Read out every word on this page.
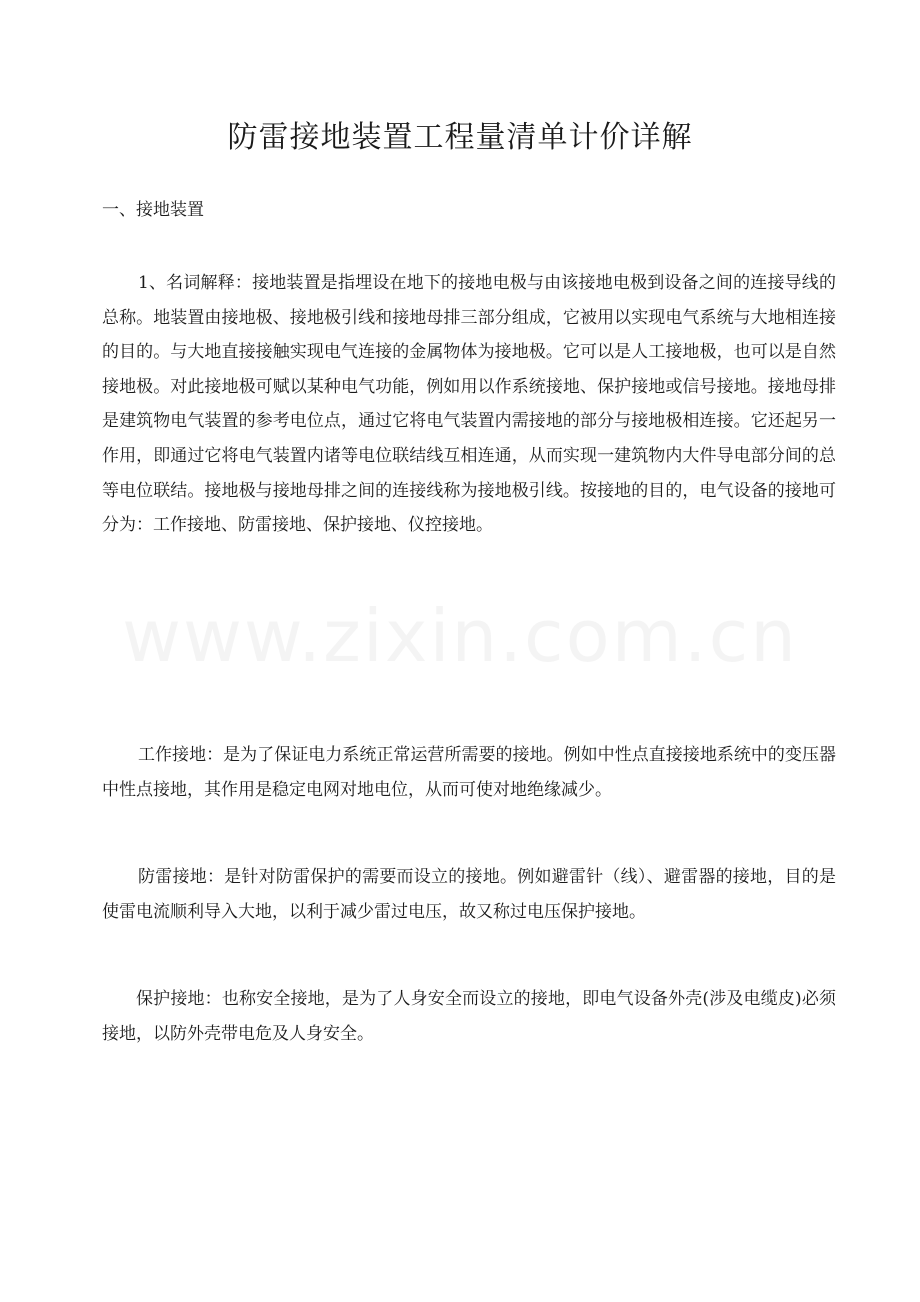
www.zixin.com.cn
防雷接地装置工程量清单计价详解
一、接地装置

1、名词解释：接地装置是指埋设在地下的接地电极与由该接地电极到设备之间的连接导线的总称。地装置由接地极、接地极引线和接地母排三部分组成，它被用以实现电气系统与大地相连接的目的。与大地直接接触实现电气连接的金属物体为接地极。它可以是人工接地极，也可以是自然接地极。对此接地极可赋以某种电气功能，例如用以作系统接地、保护接地或信号接地。接地母排是建筑物电气装置的参考电位点，通过它将电气装置内需接地的部分与接地极相连接。它还起另一作用，即通过它将电气装置内诸等电位联结线互相连通，从而实现一建筑物内大件导电部分间的总等电位联结。接地极与接地母排之间的连接线称为接地极引线。按接地的目的，电气设备的接地可分为：工作接地、防雷接地、保护接地、仪控接地。

工作接地：是为了保证电力系统正常运营所需要的接地。例如中性点直接接地系统中的变压器中性点接地，其作用是稳定电网对地电位，从而可使对地绝缘减少。

防雷接地：是针对防雷保护的需要而设立的接地。例如避雷针（线）、避雷器的接地，目的是使雷电流顺利导入大地，以利于减少雷过电压，故又称过电压保护接地。

保护接地：也称安全接地，是为了人身安全而设立的接地，即电气设备外壳(涉及电缆皮)必须接地，以防外壳带电危及人身安全。
